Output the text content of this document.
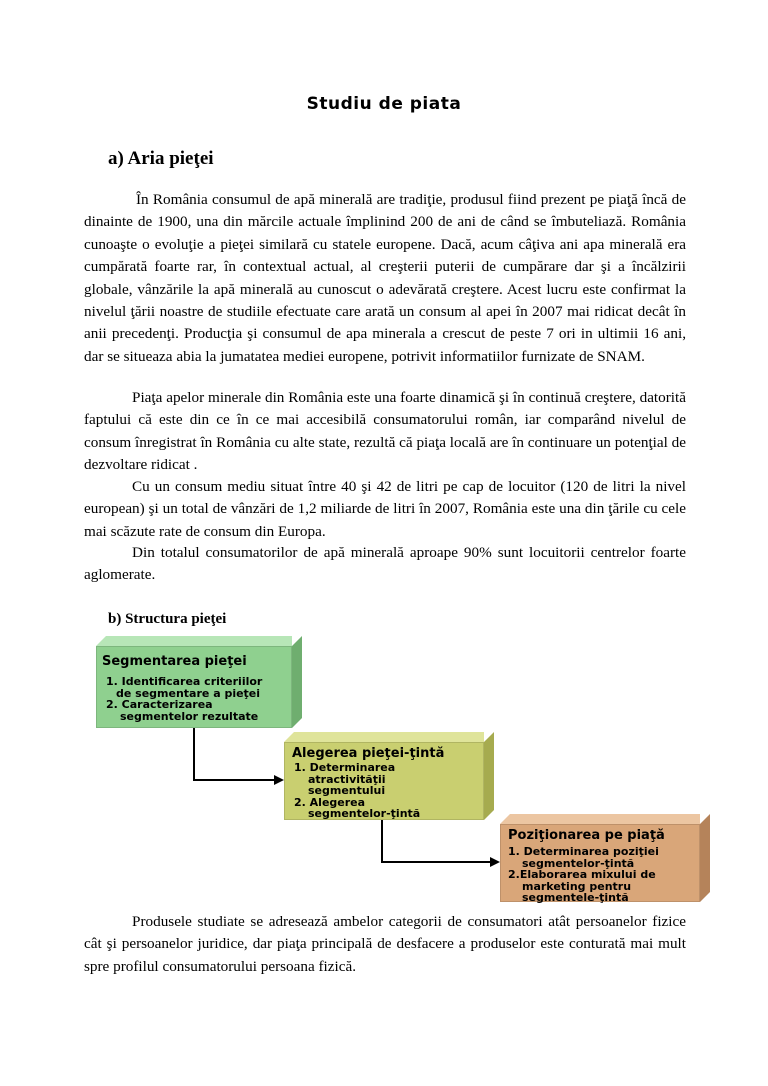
Studiu de piata
a) Aria pieţei

În România consumul de apă minerală are tradiţie, produsul fiind prezent pe piaţă încă de dinainte de 1900, una din mărcile actuale împlinind 200 de ani de când se îmbuteliază. România cunoaşte o evoluţie a pieţei similară cu statele europene. Dacă, acum câţiva ani apa minerală era cumpărată foarte rar, în contextual actual, al creşterii puterii de cumpărare dar şi a încălzirii globale, vânzările la apă minerală au cunoscut o adevărată creştere. Acest lucru este confirmat la nivelul ţării noastre de studiile efectuate care arată un consum al apei în 2007 mai ridicat decât în anii precedenţi. Producţia şi consumul de apa minerala a crescut de peste 7 ori in ultimii 16 ani, dar se situeaza abia la jumatatea mediei europene, potrivit informatiilor furnizate de SNAM.

Piaţa apelor minerale din România este una foarte dinamică şi în continuă creştere, datorită faptului că este din ce în ce mai accesibilă consumatorului român, iar comparând nivelul de consum înregistrat în România cu alte state, rezultă că piaţa locală are în continuare un potenţial de dezvoltare ridicat .

Cu un consum mediu situat între 40 şi 42 de litri pe cap de locuitor (120 de litri la nivel european) şi un total de vânzări de 1,2 miliarde de litri în 2007, România este una din ţările cu cele mai scăzute rate de consum din Europa.

Din totalul consumatorilor de apă minerală aproape 90% sunt locuitorii centrelor foarte aglomerate.

b) Structura pieţei
Segmentarea pieţei
1. Identificarea criteriilor
de segmentare a pieţei
2. Caracterizarea
segmentelor rezultate
Alegerea pieţei-ţintă
1. Determinarea
atractivităţii
segmentului
2. Alegerea
segmentelor-ţintă
Poziţionarea pe piaţă
1. Determinarea poziţiei
segmentelor-ţintă
2.Elaborarea mixului de
marketing pentru
segmentele-ţintă

Produsele studiate se adresează ambelor categorii de consumatori atât persoanelor fizice cât şi persoanelor juridice, dar piaţa principală de desfacere a produselor este conturată mai mult spre profilul consumatorului persoana fizică.
